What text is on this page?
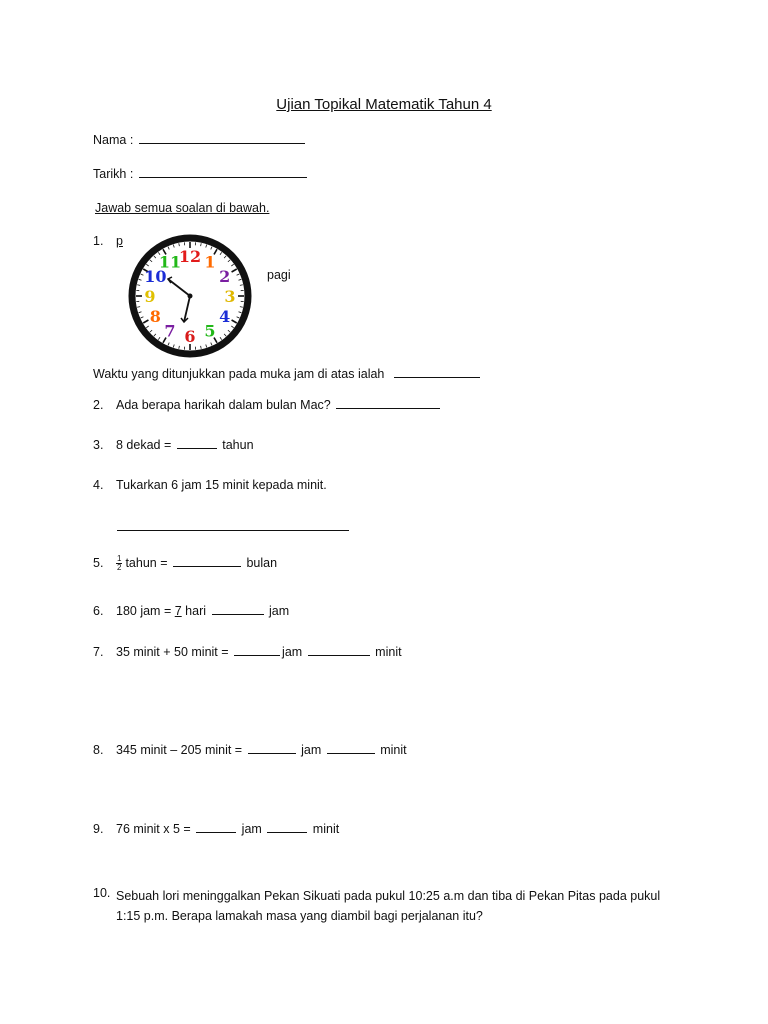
Ujian Topikal Matematik Tahun 4
Nama :
Tarikh :
Jawab semua soalan di bawah.
1. p
12 1
2
3
4
5
6
7
8
9
10
11
pagi
Waktu yang ditunjukkan pada muka jam di atas ialah
2. Ada berapa harikah dalam bulan Mac?
3. 8 dekad =	tahun
4. Tukarkan 6 jam 15 minit kepada minit.
5. $\frac{1}{2}$ tahun =	bulan
6. 180 jam = 7 hari	jam
7. 35 minit + 50 minit =	jam	minit
8. 345 minit – 205 minit =	jam	minit
9. 76 minit x 5 =	jam	minit
10. Sebuah lori meninggalkan Pekan Sikuati pada pukul 10:25 a.m dan tiba di Pekan Pitas pada pukul 1:15 p.m. Berapa lamakah masa yang diambil bagi perjalanan itu?
